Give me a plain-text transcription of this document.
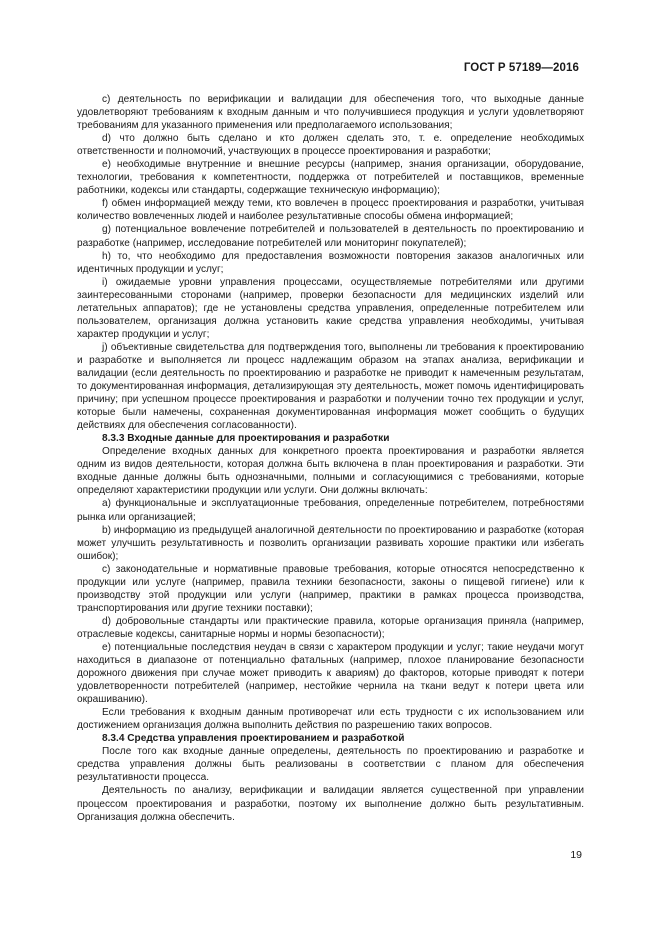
ГОСТ Р 57189—2016

c) деятельность по верификации и валидации для обеспечения того, что выходные данные удовлетворяют требованиям к входным данным и что получившиеся продукция и услуги удовлетворяют требованиям для указанного применения или предполагаемого использования;

d) что должно быть сделано и кто должен сделать это, т. е. определение необходимых ответственности и полномочий, участвующих в процессе проектирования и разработки;

e) необходимые внутренние и внешние ресурсы (например, знания организации, оборудование, технологии, требования к компетентности, поддержка от потребителей и поставщиков, временные работники, кодексы или стандарты, содержащие техническую информацию);

f) обмен информацией между теми, кто вовлечен в процесс проектирования и разработки, учитывая количество вовлеченных людей и наиболее результативные способы обмена информацией;

g) потенциальное вовлечение потребителей и пользователей в деятельность по проектированию и разработке (например, исследование потребителей или мониторинг покупателей);

h) то, что необходимо для предоставления возможности повторения заказов аналогичных или идентичных продукции и услуг;

i) ожидаемые уровни управления процессами, осуществляемые потребителями или другими заинтересованными сторонами (например, проверки безопасности для медицинских изделий или летательных аппаратов); где не установлены средства управления, определенные потребителем или пользователем, организация должна установить какие средства управления необходимы, учитывая характер продукции и услуг;

j) объективные свидетельства для подтверждения того, выполнены ли требования к проектированию и разработке и выполняется ли процесс надлежащим образом на этапах анализа, верификации и валидации (если деятельность по проектированию и разработке не приводит к намеченным результатам, то документированная информация, детализирующая эту деятельность, может помочь идентифицировать причину; при успешном процессе проектирования и разработки и получении точно тех продукции и услуг, которые были намечены, сохраненная документированная информация может сообщить о будущих действиях для обеспечения согласованности).

8.3.3 Входные данные для проектирования и разработки

Определение входных данных для конкретного проекта проектирования и разработки является одним из видов деятельности, которая должна быть включена в план проектирования и разработки. Эти входные данные должны быть однозначными, полными и согласующимися с требованиями, которые определяют характеристики продукции или услуги. Они должны включать:

a) функциональные и эксплуатационные требования, определенные потребителем, потребностями рынка или организацией;

b) информацию из предыдущей аналогичной деятельности по проектированию и разработке (которая может улучшить результативность и позволить организации развивать хорошие практики или избегать ошибок);

c) законодательные и нормативные правовые требования, которые относятся непосредственно к продукции или услуге (например, правила техники безопасности, законы о пищевой гигиене) или к производству этой продукции или услуги (например, практики в рамках процесса производства, транспортирования или другие техники поставки);

d) добровольные стандарты или практические правила, которые организация приняла (например, отраслевые кодексы, санитарные нормы и нормы безопасности);

e) потенциальные последствия неудач в связи с характером продукции и услуг; такие неудачи могут находиться в диапазоне от потенциально фатальных (например, плохое планирование безопасности дорожного движения при случае может приводить к авариям) до факторов, которые приводят к потери удовлетворенности потребителей (например, нестойкие чернила на ткани ведут к потери цвета или окрашиванию).

Если требования к входным данным противоречат или есть трудности с их использованием или достижением организация должна выполнить действия по разрешению таких вопросов.

8.3.4 Средства управления проектированием и разработкой

После того как входные данные определены, деятельность по проектированию и разработке и средства управления должны быть реализованы в соответствии с планом для обеспечения результативности процесса.

Деятельность по анализу, верификации и валидации является существенной при управлении процессом проектирования и разработки, поэтому их выполнение должно быть результативным. Организация должна обеспечить.

19
